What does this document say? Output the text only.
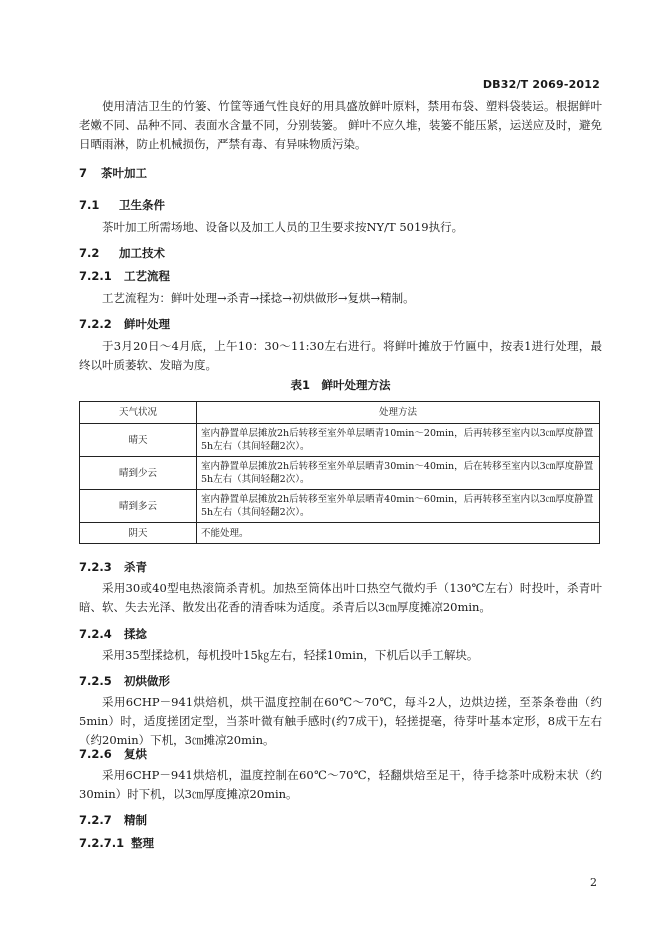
DB32/T 2069-2012

使用清洁卫生的竹篓、竹筐等通气性良好的用具盛放鲜叶原料，禁用布袋、塑料袋装运。根据鲜叶老嫩不同、品种不同、表面水含量不同，分别装篓。 鲜叶不应久堆，装篓不能压紧，运送应及时，避免日晒雨淋，防止机械损伤，严禁有毒、有异味物质污染。

7 茶叶加工
7.1 卫生条件

茶叶加工所需场地、设备以及加工人员的卫生要求按NY/T 5019执行。

7.2 加工技术
7.2.1 工艺流程

工艺流程为：鲜叶处理→杀青→揉捻→初烘做形→复烘→精制。

7.2.2 鲜叶处理

于3月20日～4月底，上午10：30～11:30左右进行。将鲜叶摊放于竹匾中，按表1进行处理，最终以叶质萎软、发暗为度。

表1　鲜叶处理方法
天气状况	处理方法
晴天	室内静置单层摊放2h后转移至室外单层晒青10min～20min，后再转移至室内以3㎝厚度静置5h左右（其间轻翻2次）。
晴到少云	室内静置单层摊放2h后转移至室外单层晒青30min～40min，后在转移至室内以3㎝厚度静置5h左右（其间轻翻2次）。
晴到多云	室内静置单层摊放2h后转移至室外单层晒青40min～60min，后再转移至室内以3㎝厚度静置5h左右（其间轻翻2次）。
阴天	不能处理。
7.2.3 杀青

采用30或40型电热滚筒杀青机。加热至筒体出叶口热空气微灼手（130℃左右）时投叶，杀青叶暗、软、失去光泽、散发出花香的清香味为适度。杀青后以3㎝厚度摊凉20min。

7.2.4 揉捻

采用35型揉捻机，每机投叶15㎏左右，轻揉10min，下机后以手工解块。

7.2.5 初烘做形

采用6CHP－941烘焙机，烘干温度控制在60℃～70℃，每斗2人，边烘边搓，至茶条卷曲（约5min）时，适度搓团定型，当茶叶微有触手感时(约7成干)，轻搓提毫，待芽叶基本定形，8成干左右（约20min）下机，3㎝摊凉20min。

7.2.6 复烘

采用6CHP－941烘焙机，温度控制在60℃～70℃，轻翻烘焙至足干，待手捻茶叶成粉末状（约30min）时下机，以3㎝厚度摊凉20min。

7.2.7 精制
7.2.7.1 整理
2
